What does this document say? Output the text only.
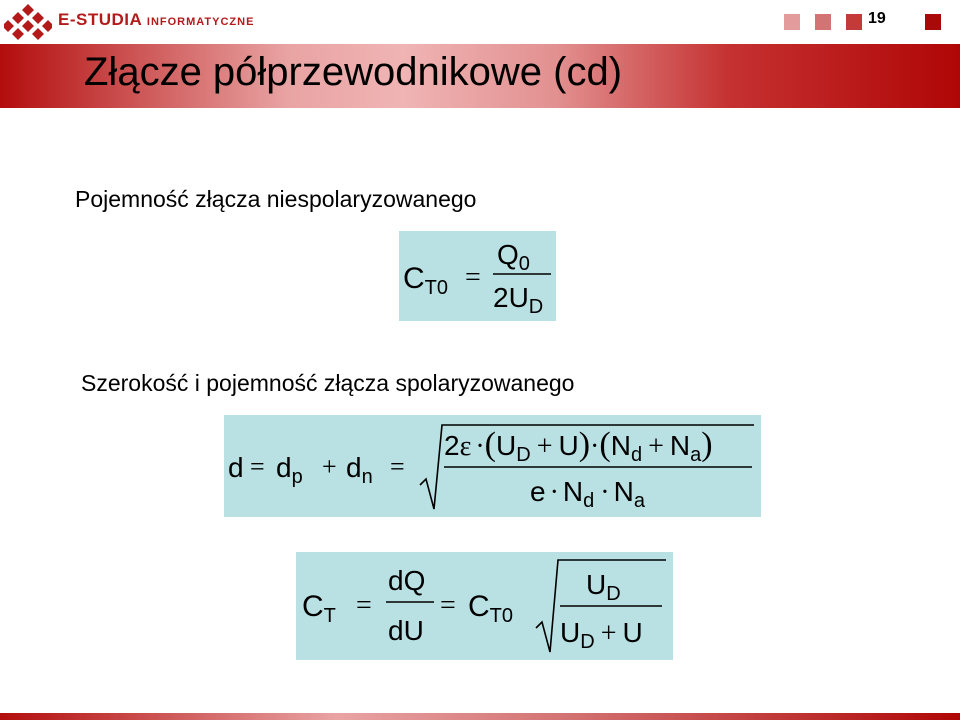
E-STUDIA INFORMATYCZNE	19
Złącze półprzewodnikowe (cd)
Pojemność złącza niespolaryzowanego
$C_{T0}$ =
$Q_0$
$2U_D$
Szerokość i pojemność złącza spolaryzowanego
$d = d_p + d_n$ =
$2\varepsilon \cdot(U_D + U)\cdot(N_d + N_a)$
$e \cdot N_d \cdot N_a$
$C_T$ =
dQ
dU
= $C_{T0}$
$U_D$
$U_D + U$
